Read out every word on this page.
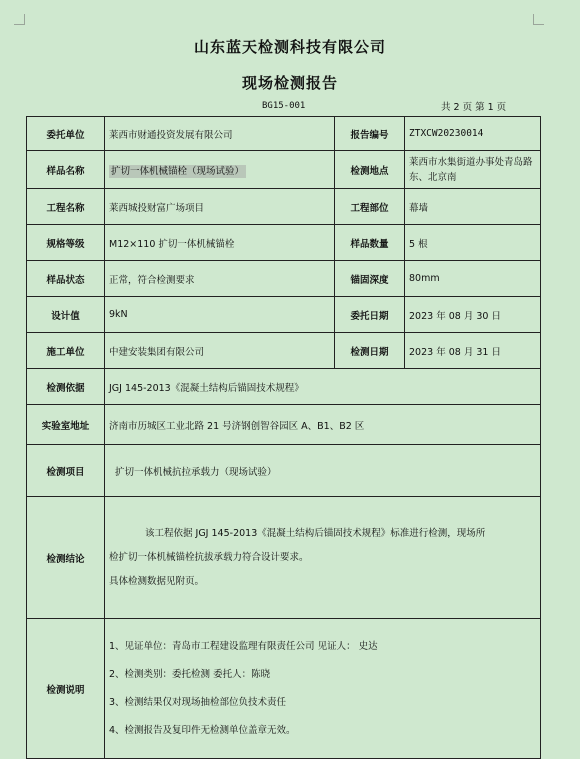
山东蓝天检测科技有限公司
现场检测报告
BG15-001	共 2 页 第 1 页
委托单位	莱西市财通投资发展有限公司	报告编号	ZTXCW20230014
样品名称	扩切一体机械锚栓（现场试验）	检测地点	莱西市水集街道办事处青岛路东、北京南
工程名称	莱西城投财富广场项目	工程部位	幕墙
规格等级	M12×110 扩切一体机械锚栓	样品数量	5 根
样品状态	正常，符合检测要求	锚固深度	80mm
设计值	9kN	委托日期	2023 年 08 月 30 日
施工单位	中建安装集团有限公司	检测日期	2023 年 08 月 31 日
检测依据	JGJ 145-2013《混凝土结构后锚固技术规程》		
实验室地址	济南市历城区工业北路 21 号济钢创智谷园区 A、B1、B2 区		
检测项目	扩切一体机械抗拉承载力（现场试验）		
检测结论	该工程依据 JGJ 145-2013《混凝土结构后锚固技术规程》标准进行检测，现场所
检扩切一体机械锚栓抗拔承载力符合设计要求。
具体检测数据见附页。		

检测说明	1、见证单位：青岛市工程建设监理有限责任公司 见证人： 史达
2、检测类别：委托检测 委托人：陈晓
3、检测结果仅对现场抽检部位负技术责任
4、检测报告及复印件无检测单位盖章无效。		
